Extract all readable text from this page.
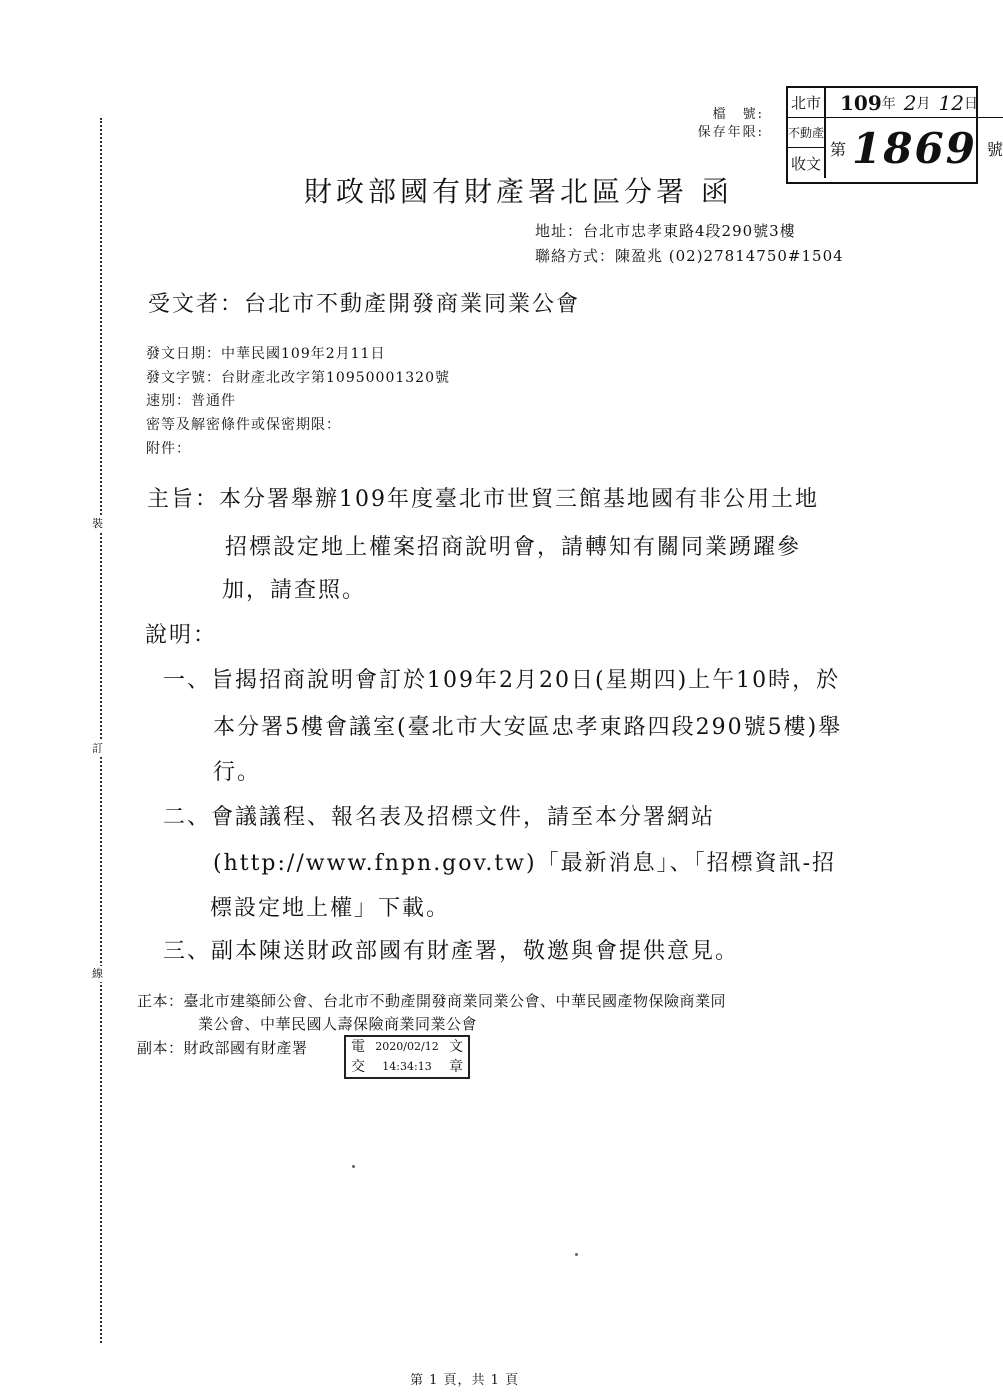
裝
訂
線
檔　號:
保存年限:
北市 109 年 2 月 12 日
不動產
第 1869 號
收文
財政部國有財產署北區分署 函
地址：台北市忠孝東路4段290號3樓
聯絡方式：陳盈兆 (02)27814750#1504
受文者：台北市不動產開發商業同業公會
發文日期：中華民國109年2月11日
發文字號：台財產北改字第10950001320號
速別：普通件
密等及解密條件或保密期限：
附件：
主旨：本分署舉辦109年度臺北市世貿三館基地國有非公用土地
招標設定地上權案招商說明會，請轉知有關同業踴躍參
加，請查照。
說明：
一、旨揭招商說明會訂於109年2月20日(星期四)上午10時，於
本分署5樓會議室(臺北市大安區忠孝東路四段290號5樓)舉
行。
二、會議議程、報名表及招標文件，請至本分署網站
(http://www.fnpn.gov.tw)「最新消息」、「招標資訊-招
標設定地上權」下載。
三、副本陳送財政部國有財產署，敬邀與會提供意見。
正本：臺北市建築師公會、台北市不動產開發商業同業公會、中華民國產物保險商業同
業公會、中華民國人壽保險商業同業公會
副本：財政部國有財產署	電 2020/02/12 文
交	14:34:13	章
第 1 頁，共 1 頁
